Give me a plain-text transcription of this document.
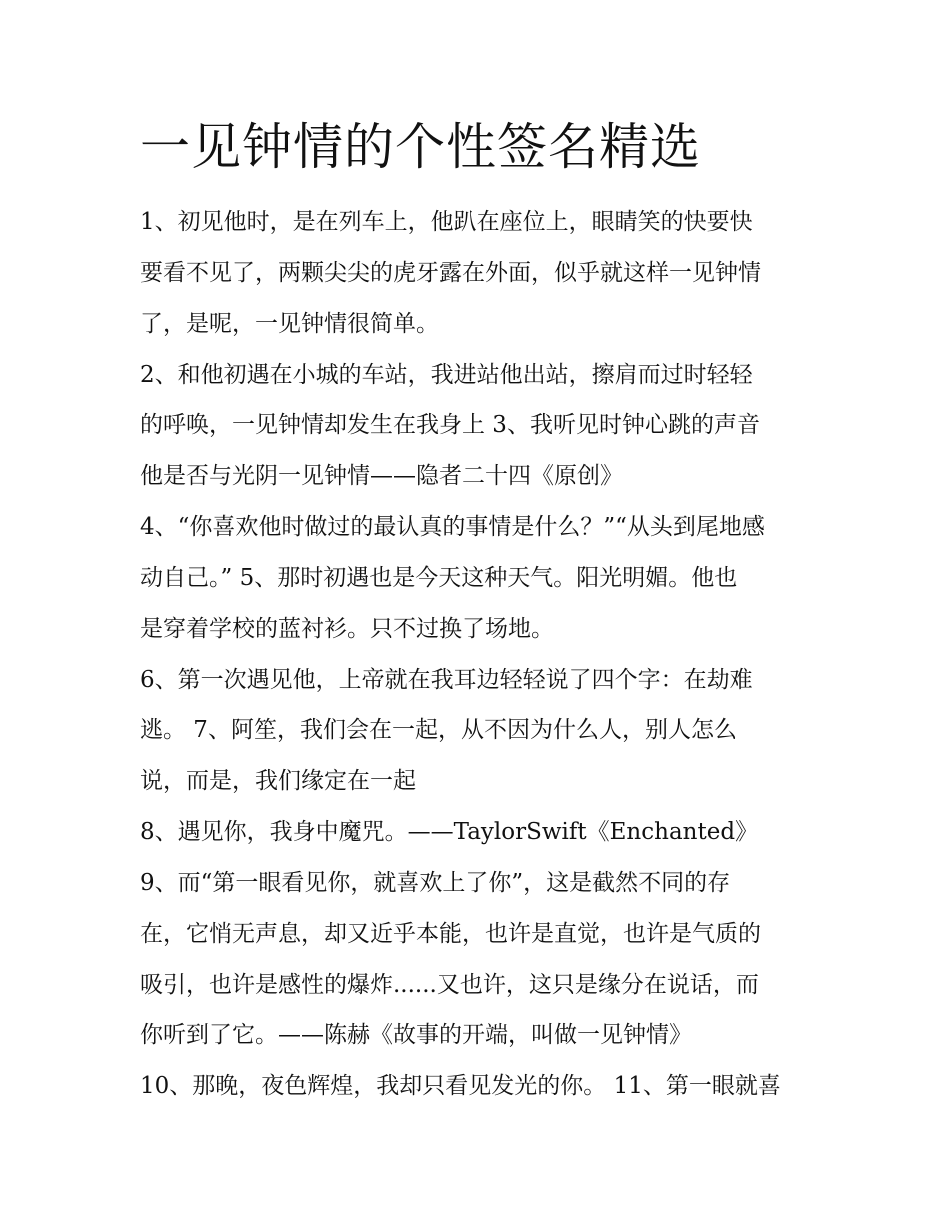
一见钟情的个性签名精选

1、初见他时，是在列车上，他趴在座位上，眼睛笑的快要快

要看不见了，两颗尖尖的虎牙露在外面，似乎就这样一见钟情

了，是呢，一见钟情很简单。

2、和他初遇在小城的车站，我进站他出站，擦肩而过时轻轻

的呼唤，一见钟情却发生在我身上 3、我听见时钟心跳的声音

他是否与光阴一见钟情——隐者二十四《原创》

4、“你喜欢他时做过的最认真的事情是什么？”“从头到尾地感

动自己。” 5、那时初遇也是今天这种天气。阳光明媚。他也

是穿着学校的蓝衬衫。只不过换了场地。

6、第一次遇见他，上帝就在我耳边轻轻说了四个字：在劫难

逃。 7、阿笙，我们会在一起，从不因为什么人，别人怎么

说，而是，我们缘定在一起

8、遇见你，我身中魔咒。——TaylorSwift《Enchanted》

9、而“第一眼看见你，就喜欢上了你”，这是截然不同的存

在，它悄无声息，却又近乎本能，也许是直觉，也许是气质的

吸引，也许是感性的爆炸......又也许，这只是缘分在说话，而

你听到了它。——陈赫《故事的开端，叫做一见钟情》

10、那晚，夜色辉煌，我却只看见发光的你。 11、第一眼就喜
